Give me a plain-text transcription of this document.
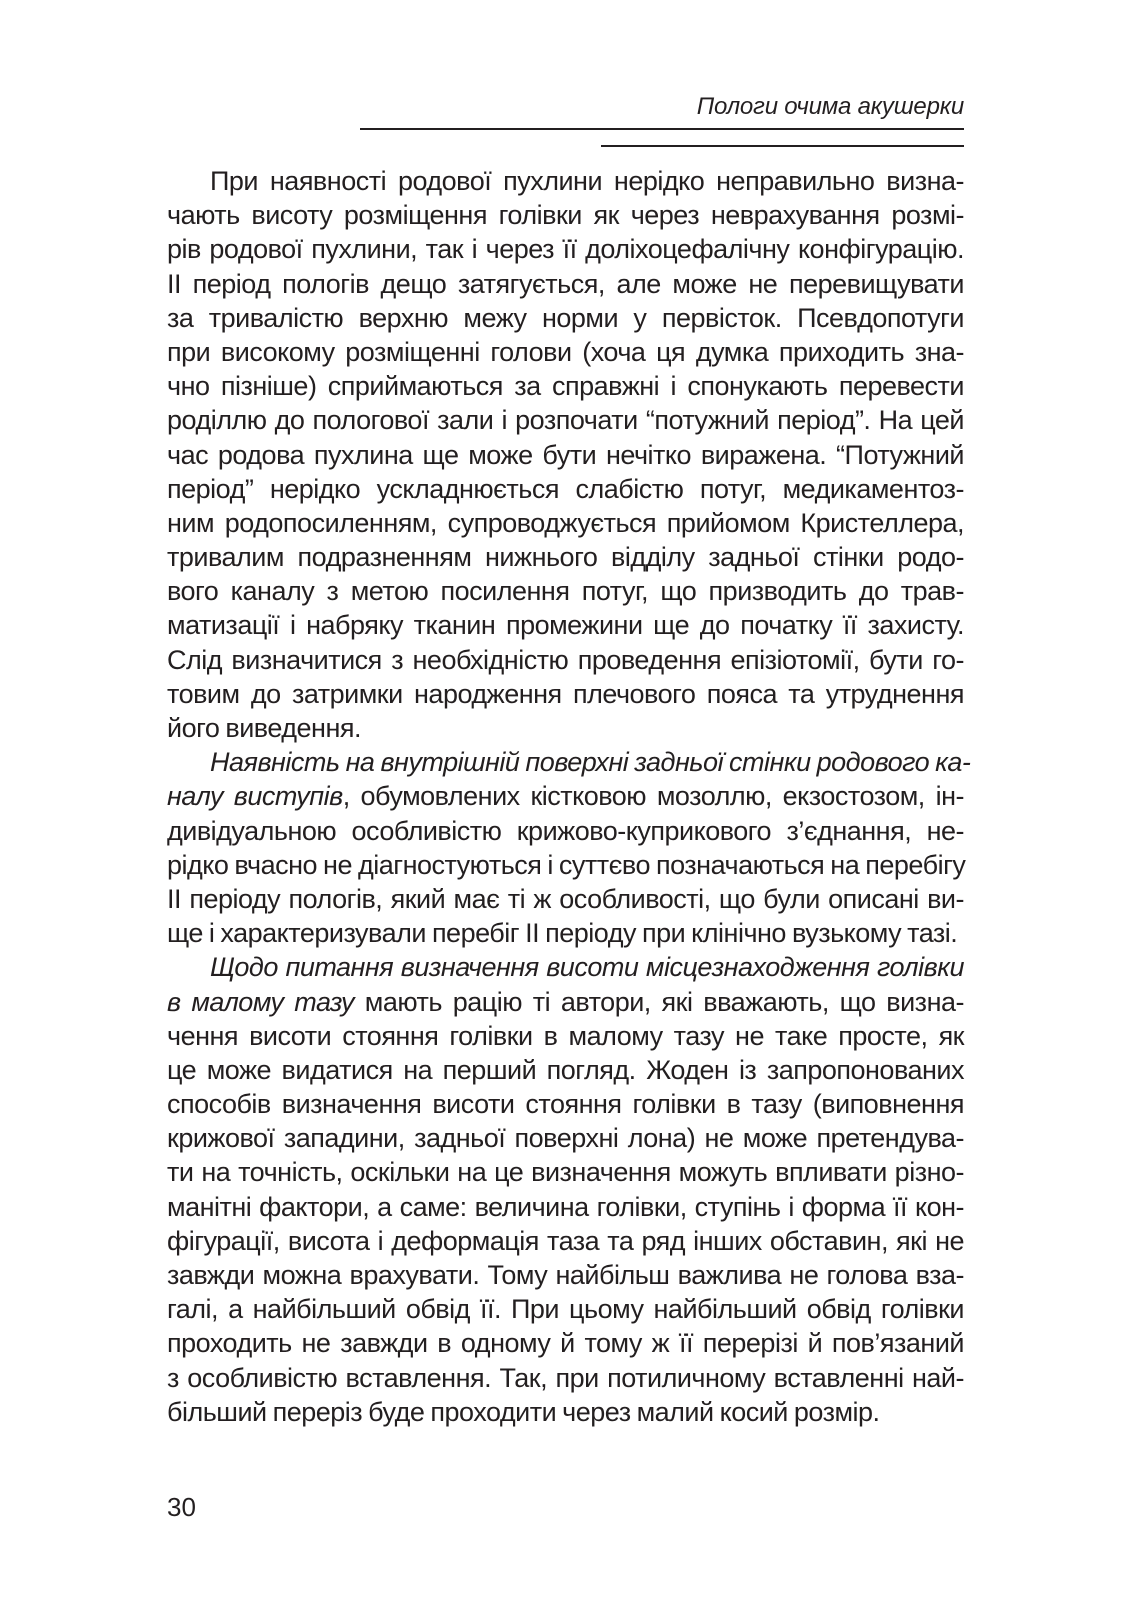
Пологи очима акушерки
При наявності родової пухлини нерідко неправильно визна-
чають висоту розміщення голівки як через неврахування розмі-
рів родової пухлини, так і через її доліхоцефалічну конфігурацію.
II період пологів дещо затягується, але може не перевищувати
за тривалістю верхню межу норми у первісток. Псевдопотуги
при високому розміщенні голови (хоча ця думка приходить зна-
чно пізніше) сприймаються за справжні і спонукають перевести
роділлю до пологової зали і розпочати “потужний період”. На цей
час родова пухлина ще може бути нечітко виражена. “Потужний
період” нерідко ускладнюється слабістю потуг, медикаментоз-
ним родопосиленням, супроводжується прийомом Кристеллера,
тривалим подразненням нижнього відділу задньої стінки родо-
вого каналу з метою посилення потуг, що призводить до трав-
матизації і набряку тканин промежини ще до початку її захисту.
Слід визначитися з необхідністю проведення епізіотомії, бути го-
товим до затримки народження плечового пояса та утруднення
його виведення.
Наявність на внутрішній поверхні задньої стінки родового ка-
налу виступів, обумовлених кістковою мозоллю, екзостозом, ін-
дивідуальною особливістю крижово-куприкового з’єднання, не-
рідко вчасно не діагностуються і суттєво позначаються на перебігу
II періоду пологів, який має ті ж особливості, що були описані ви-
ще і характеризували перебіг II періоду при клінічно вузькому тазі.
Щодо питання визначення висоти місцезнаходження голівки
в малому тазу мають рацію ті автори, які вважають, що визна-
чення висоти стояння голівки в малому тазу не таке просте, як
це може видатися на перший погляд. Жоден із запропонованих
способів визначення висоти стояння голівки в тазу (виповнення
крижової западини, задньої поверхні лона) не може претендува-
ти на точність, оскільки на це визначення можуть впливати різно-
манітні фактори, а саме: величина голівки, ступінь і форма її кон-
фігурації, висота і деформація таза та ряд інших обставин, які не
завжди можна врахувати. Тому найбільш важлива не голова вза-
галі, а найбільший обвід її. При цьому найбільший обвід голівки
проходить не завжди в одному й тому ж її перерізі й пов’язаний
з особливістю вставлення. Так, при потиличному вставленні най-
більший переріз буде проходити через малий косий розмір.
30
